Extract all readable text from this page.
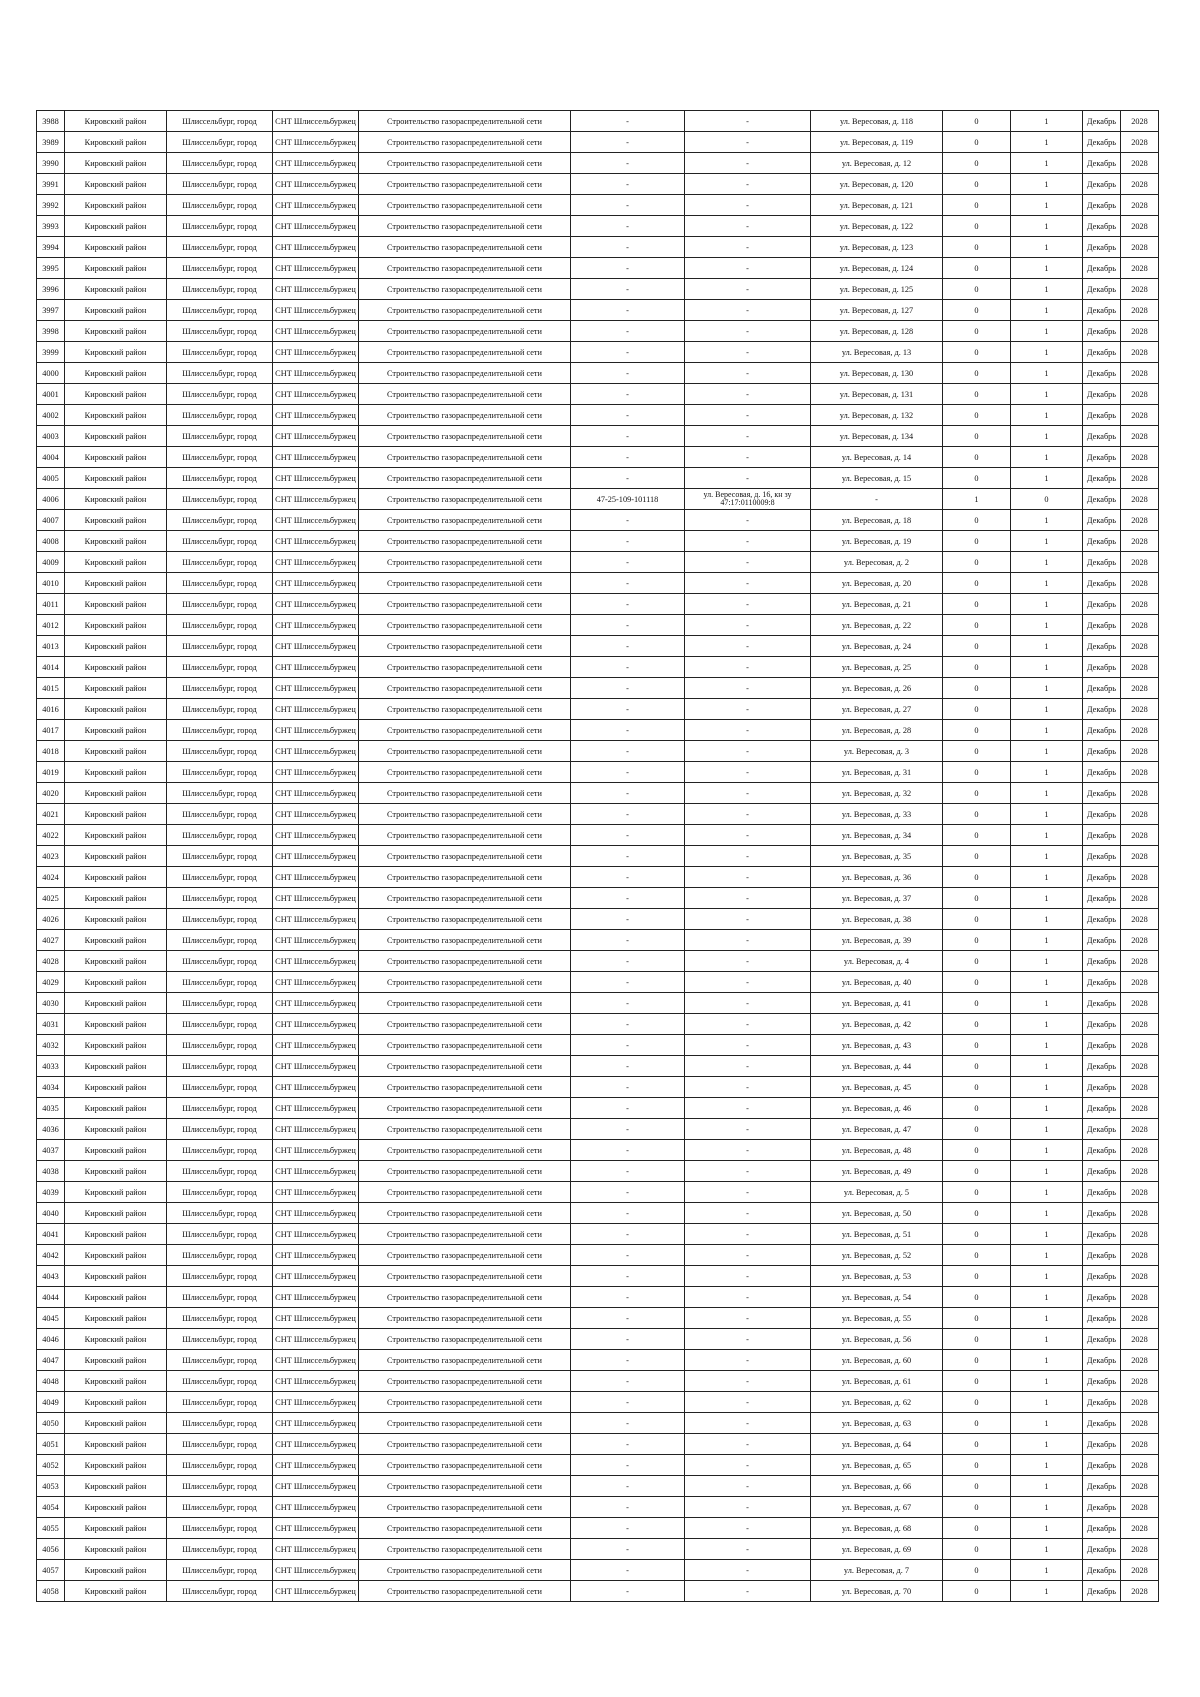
3988	Кировский район	Шлиссельбург, город	СНТ Шлиссельбуржец	Строительство газораспределительной сети	-	-	ул. Вересовая, д. 118	0	1	Декабрь	2028
3989	Кировский район	Шлиссельбург, город	СНТ Шлиссельбуржец	Строительство газораспределительной сети	-	-	ул. Вересовая, д. 119	0	1	Декабрь	2028
3990	Кировский район	Шлиссельбург, город	СНТ Шлиссельбуржец	Строительство газораспределительной сети	-	-	ул. Вересовая, д. 12	0	1	Декабрь	2028
3991	Кировский район	Шлиссельбург, город	СНТ Шлиссельбуржец	Строительство газораспределительной сети	-	-	ул. Вересовая, д. 120	0	1	Декабрь	2028
3992	Кировский район	Шлиссельбург, город	СНТ Шлиссельбуржец	Строительство газораспределительной сети	-	-	ул. Вересовая, д. 121	0	1	Декабрь	2028
3993	Кировский район	Шлиссельбург, город	СНТ Шлиссельбуржец	Строительство газораспределительной сети	-	-	ул. Вересовая, д. 122	0	1	Декабрь	2028
3994	Кировский район	Шлиссельбург, город	СНТ Шлиссельбуржец	Строительство газораспределительной сети	-	-	ул. Вересовая, д. 123	0	1	Декабрь	2028
3995	Кировский район	Шлиссельбург, город	СНТ Шлиссельбуржец	Строительство газораспределительной сети	-	-	ул. Вересовая, д. 124	0	1	Декабрь	2028
3996	Кировский район	Шлиссельбург, город	СНТ Шлиссельбуржец	Строительство газораспределительной сети	-	-	ул. Вересовая, д. 125	0	1	Декабрь	2028
3997	Кировский район	Шлиссельбург, город	СНТ Шлиссельбуржец	Строительство газораспределительной сети	-	-	ул. Вересовая, д. 127	0	1	Декабрь	2028
3998	Кировский район	Шлиссельбург, город	СНТ Шлиссельбуржец	Строительство газораспределительной сети	-	-	ул. Вересовая, д. 128	0	1	Декабрь	2028
3999	Кировский район	Шлиссельбург, город	СНТ Шлиссельбуржец	Строительство газораспределительной сети	-	-	ул. Вересовая, д. 13	0	1	Декабрь	2028
4000	Кировский район	Шлиссельбург, город	СНТ Шлиссельбуржец	Строительство газораспределительной сети	-	-	ул. Вересовая, д. 130	0	1	Декабрь	2028
4001	Кировский район	Шлиссельбург, город	СНТ Шлиссельбуржец	Строительство газораспределительной сети	-	-	ул. Вересовая, д. 131	0	1	Декабрь	2028
4002	Кировский район	Шлиссельбург, город	СНТ Шлиссельбуржец	Строительство газораспределительной сети	-	-	ул. Вересовая, д. 132	0	1	Декабрь	2028
4003	Кировский район	Шлиссельбург, город	СНТ Шлиссельбуржец	Строительство газораспределительной сети	-	-	ул. Вересовая, д. 134	0	1	Декабрь	2028
4004	Кировский район	Шлиссельбург, город	СНТ Шлиссельбуржец	Строительство газораспределительной сети	-	-	ул. Вересовая, д. 14	0	1	Декабрь	2028
4005	Кировский район	Шлиссельбург, город	СНТ Шлиссельбуржец	Строительство газораспределительной сети	-	-	ул. Вересовая, д. 15	0	1	Декабрь	2028
4006	Кировский район	Шлиссельбург, город	СНТ Шлиссельбуржец	Строительство газораспределительной сети	47-25-109-101118	ул. Вересовая, д. 16, кн зу 47:17:0110009:8	-	1	0	Декабрь	2028
4007	Кировский район	Шлиссельбург, город	СНТ Шлиссельбуржец	Строительство газораспределительной сети	-	-	ул. Вересовая, д. 18	0	1	Декабрь	2028
4008	Кировский район	Шлиссельбург, город	СНТ Шлиссельбуржец	Строительство газораспределительной сети	-	-	ул. Вересовая, д. 19	0	1	Декабрь	2028
4009	Кировский район	Шлиссельбург, город	СНТ Шлиссельбуржец	Строительство газораспределительной сети	-	-	ул. Вересовая, д. 2	0	1	Декабрь	2028
4010	Кировский район	Шлиссельбург, город	СНТ Шлиссельбуржец	Строительство газораспределительной сети	-	-	ул. Вересовая, д. 20	0	1	Декабрь	2028
4011	Кировский район	Шлиссельбург, город	СНТ Шлиссельбуржец	Строительство газораспределительной сети	-	-	ул. Вересовая, д. 21	0	1	Декабрь	2028
4012	Кировский район	Шлиссельбург, город	СНТ Шлиссельбуржец	Строительство газораспределительной сети	-	-	ул. Вересовая, д. 22	0	1	Декабрь	2028
4013	Кировский район	Шлиссельбург, город	СНТ Шлиссельбуржец	Строительство газораспределительной сети	-	-	ул. Вересовая, д. 24	0	1	Декабрь	2028
4014	Кировский район	Шлиссельбург, город	СНТ Шлиссельбуржец	Строительство газораспределительной сети	-	-	ул. Вересовая, д. 25	0	1	Декабрь	2028
4015	Кировский район	Шлиссельбург, город	СНТ Шлиссельбуржец	Строительство газораспределительной сети	-	-	ул. Вересовая, д. 26	0	1	Декабрь	2028
4016	Кировский район	Шлиссельбург, город	СНТ Шлиссельбуржец	Строительство газораспределительной сети	-	-	ул. Вересовая, д. 27	0	1	Декабрь	2028
4017	Кировский район	Шлиссельбург, город	СНТ Шлиссельбуржец	Строительство газораспределительной сети	-	-	ул. Вересовая, д. 28	0	1	Декабрь	2028
4018	Кировский район	Шлиссельбург, город	СНТ Шлиссельбуржец	Строительство газораспределительной сети	-	-	ул. Вересовая, д. 3	0	1	Декабрь	2028
4019	Кировский район	Шлиссельбург, город	СНТ Шлиссельбуржец	Строительство газораспределительной сети	-	-	ул. Вересовая, д. 31	0	1	Декабрь	2028
4020	Кировский район	Шлиссельбург, город	СНТ Шлиссельбуржец	Строительство газораспределительной сети	-	-	ул. Вересовая, д. 32	0	1	Декабрь	2028
4021	Кировский район	Шлиссельбург, город	СНТ Шлиссельбуржец	Строительство газораспределительной сети	-	-	ул. Вересовая, д. 33	0	1	Декабрь	2028
4022	Кировский район	Шлиссельбург, город	СНТ Шлиссельбуржец	Строительство газораспределительной сети	-	-	ул. Вересовая, д. 34	0	1	Декабрь	2028
4023	Кировский район	Шлиссельбург, город	СНТ Шлиссельбуржец	Строительство газораспределительной сети	-	-	ул. Вересовая, д. 35	0	1	Декабрь	2028
4024	Кировский район	Шлиссельбург, город	СНТ Шлиссельбуржец	Строительство газораспределительной сети	-	-	ул. Вересовая, д. 36	0	1	Декабрь	2028
4025	Кировский район	Шлиссельбург, город	СНТ Шлиссельбуржец	Строительство газораспределительной сети	-	-	ул. Вересовая, д. 37	0	1	Декабрь	2028
4026	Кировский район	Шлиссельбург, город	СНТ Шлиссельбуржец	Строительство газораспределительной сети	-	-	ул. Вересовая, д. 38	0	1	Декабрь	2028
4027	Кировский район	Шлиссельбург, город	СНТ Шлиссельбуржец	Строительство газораспределительной сети	-	-	ул. Вересовая, д. 39	0	1	Декабрь	2028
4028	Кировский район	Шлиссельбург, город	СНТ Шлиссельбуржец	Строительство газораспределительной сети	-	-	ул. Вересовая, д. 4	0	1	Декабрь	2028
4029	Кировский район	Шлиссельбург, город	СНТ Шлиссельбуржец	Строительство газораспределительной сети	-	-	ул. Вересовая, д. 40	0	1	Декабрь	2028
4030	Кировский район	Шлиссельбург, город	СНТ Шлиссельбуржец	Строительство газораспределительной сети	-	-	ул. Вересовая, д. 41	0	1	Декабрь	2028
4031	Кировский район	Шлиссельбург, город	СНТ Шлиссельбуржец	Строительство газораспределительной сети	-	-	ул. Вересовая, д. 42	0	1	Декабрь	2028
4032	Кировский район	Шлиссельбург, город	СНТ Шлиссельбуржец	Строительство газораспределительной сети	-	-	ул. Вересовая, д. 43	0	1	Декабрь	2028
4033	Кировский район	Шлиссельбург, город	СНТ Шлиссельбуржец	Строительство газораспределительной сети	-	-	ул. Вересовая, д. 44	0	1	Декабрь	2028
4034	Кировский район	Шлиссельбург, город	СНТ Шлиссельбуржец	Строительство газораспределительной сети	-	-	ул. Вересовая, д. 45	0	1	Декабрь	2028
4035	Кировский район	Шлиссельбург, город	СНТ Шлиссельбуржец	Строительство газораспределительной сети	-	-	ул. Вересовая, д. 46	0	1	Декабрь	2028
4036	Кировский район	Шлиссельбург, город	СНТ Шлиссельбуржец	Строительство газораспределительной сети	-	-	ул. Вересовая, д. 47	0	1	Декабрь	2028
4037	Кировский район	Шлиссельбург, город	СНТ Шлиссельбуржец	Строительство газораспределительной сети	-	-	ул. Вересовая, д. 48	0	1	Декабрь	2028
4038	Кировский район	Шлиссельбург, город	СНТ Шлиссельбуржец	Строительство газораспределительной сети	-	-	ул. Вересовая, д. 49	0	1	Декабрь	2028
4039	Кировский район	Шлиссельбург, город	СНТ Шлиссельбуржец	Строительство газораспределительной сети	-	-	ул. Вересовая, д. 5	0	1	Декабрь	2028
4040	Кировский район	Шлиссельбург, город	СНТ Шлиссельбуржец	Строительство газораспределительной сети	-	-	ул. Вересовая, д. 50	0	1	Декабрь	2028
4041	Кировский район	Шлиссельбург, город	СНТ Шлиссельбуржец	Строительство газораспределительной сети	-	-	ул. Вересовая, д. 51	0	1	Декабрь	2028
4042	Кировский район	Шлиссельбург, город	СНТ Шлиссельбуржец	Строительство газораспределительной сети	-	-	ул. Вересовая, д. 52	0	1	Декабрь	2028
4043	Кировский район	Шлиссельбург, город	СНТ Шлиссельбуржец	Строительство газораспределительной сети	-	-	ул. Вересовая, д. 53	0	1	Декабрь	2028
4044	Кировский район	Шлиссельбург, город	СНТ Шлиссельбуржец	Строительство газораспределительной сети	-	-	ул. Вересовая, д. 54	0	1	Декабрь	2028
4045	Кировский район	Шлиссельбург, город	СНТ Шлиссельбуржец	Строительство газораспределительной сети	-	-	ул. Вересовая, д. 55	0	1	Декабрь	2028
4046	Кировский район	Шлиссельбург, город	СНТ Шлиссельбуржец	Строительство газораспределительной сети	-	-	ул. Вересовая, д. 56	0	1	Декабрь	2028
4047	Кировский район	Шлиссельбург, город	СНТ Шлиссельбуржец	Строительство газораспределительной сети	-	-	ул. Вересовая, д. 60	0	1	Декабрь	2028
4048	Кировский район	Шлиссельбург, город	СНТ Шлиссельбуржец	Строительство газораспределительной сети	-	-	ул. Вересовая, д. 61	0	1	Декабрь	2028
4049	Кировский район	Шлиссельбург, город	СНТ Шлиссельбуржец	Строительство газораспределительной сети	-	-	ул. Вересовая, д. 62	0	1	Декабрь	2028
4050	Кировский район	Шлиссельбург, город	СНТ Шлиссельбуржец	Строительство газораспределительной сети	-	-	ул. Вересовая, д. 63	0	1	Декабрь	2028
4051	Кировский район	Шлиссельбург, город	СНТ Шлиссельбуржец	Строительство газораспределительной сети	-	-	ул. Вересовая, д. 64	0	1	Декабрь	2028
4052	Кировский район	Шлиссельбург, город	СНТ Шлиссельбуржец	Строительство газораспределительной сети	-	-	ул. Вересовая, д. 65	0	1	Декабрь	2028
4053	Кировский район	Шлиссельбург, город	СНТ Шлиссельбуржец	Строительство газораспределительной сети	-	-	ул. Вересовая, д. 66	0	1	Декабрь	2028
4054	Кировский район	Шлиссельбург, город	СНТ Шлиссельбуржец	Строительство газораспределительной сети	-	-	ул. Вересовая, д. 67	0	1	Декабрь	2028
4055	Кировский район	Шлиссельбург, город	СНТ Шлиссельбуржец	Строительство газораспределительной сети	-	-	ул. Вересовая, д. 68	0	1	Декабрь	2028
4056	Кировский район	Шлиссельбург, город	СНТ Шлиссельбуржец	Строительство газораспределительной сети	-	-	ул. Вересовая, д. 69	0	1	Декабрь	2028
4057	Кировский район	Шлиссельбург, город	СНТ Шлиссельбуржец	Строительство газораспределительной сети	-	-	ул. Вересовая, д. 7	0	1	Декабрь	2028
4058	Кировский район	Шлиссельбург, город	СНТ Шлиссельбуржец	Строительство газораспределительной сети	-	-	ул. Вересовая, д. 70	0	1	Декабрь	2028
